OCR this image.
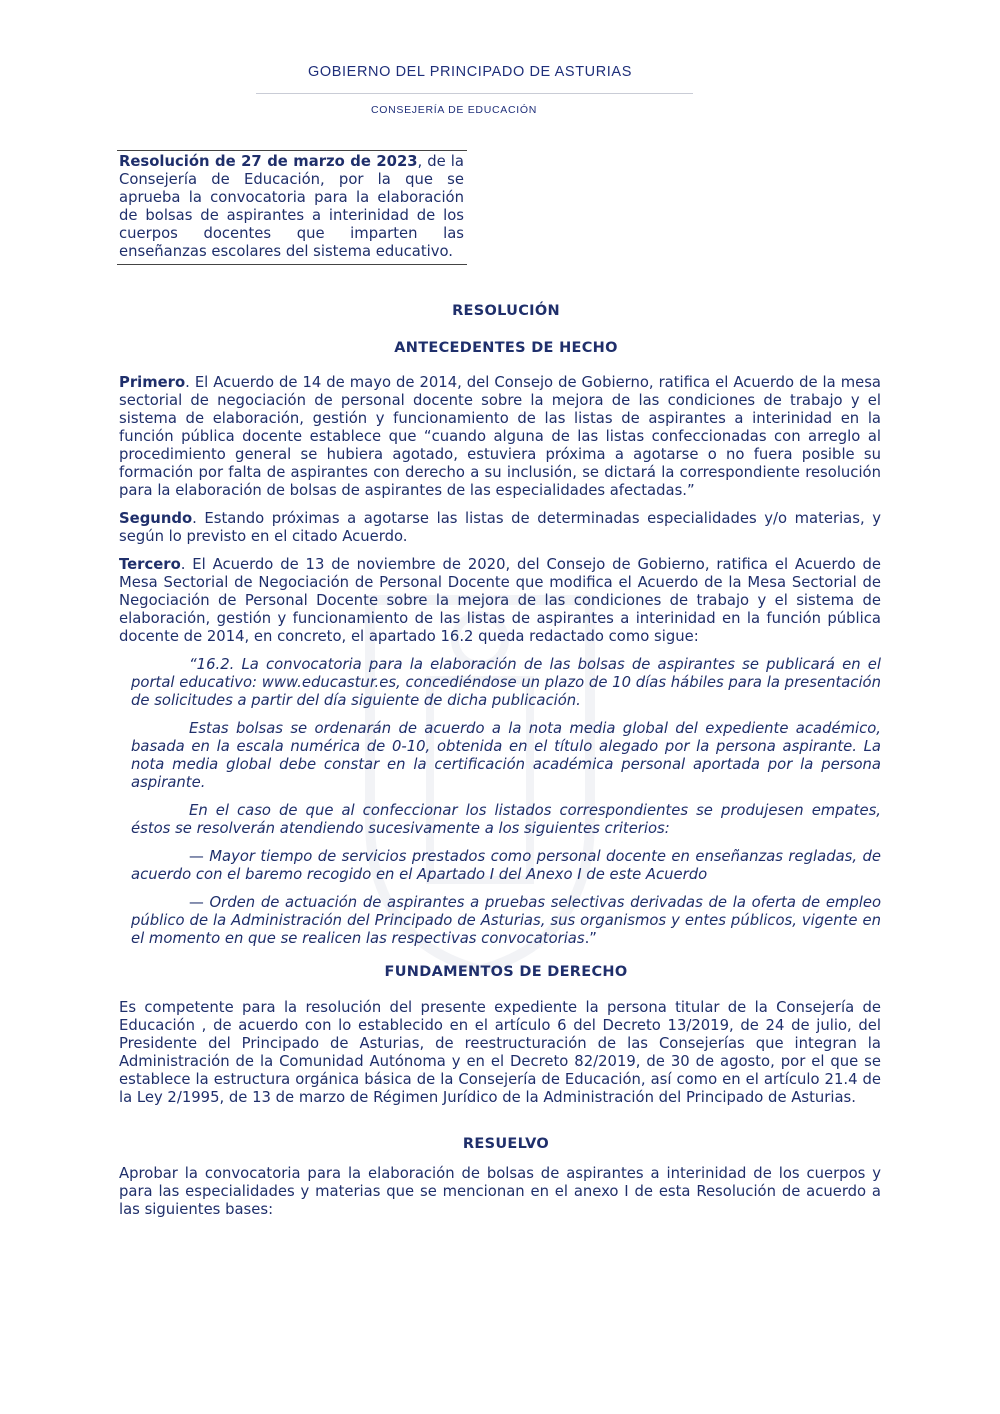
GOBIERNO DEL PRINCIPADO DE ASTURIAS
CONSEJERÍA DE EDUCACIÓN
Resolución de 27 de marzo de 2023, de la Consejería de Educación, por la que se aprueba la convocatoria para la elaboración de bolsas de aspirantes a interinidad de los cuerpos docentes que imparten las enseñanzas escolares del sistema educativo.
RESOLUCIÓN
ANTECEDENTES DE HECHO

Primero. El Acuerdo de 14 de mayo de 2014, del Consejo de Gobierno, ratifica el Acuerdo de la mesa sectorial de negociación de personal docente sobre la mejora de las condiciones de trabajo y el sistema de elaboración, gestión y funcionamiento de las listas de aspirantes a interinidad en la función pública docente establece que “cuando alguna de las listas confeccionadas con arreglo al procedimiento general se hubiera agotado, estuviera próxima a agotarse o no fuera posible su formación por falta de aspirantes con derecho a su inclusión, se dictará la correspondiente resolución para la elaboración de bolsas de aspirantes de las especialidades afectadas.”

Segundo. Estando próximas a agotarse las listas de determinadas especialidades y/o materias, y según lo previsto en el citado Acuerdo.

Tercero. El Acuerdo de 13 de noviembre de 2020, del Consejo de Gobierno, ratifica el Acuerdo de Mesa Sectorial de Negociación de Personal Docente que modifica el Acuerdo de la Mesa Sectorial de Negociación de Personal Docente sobre la mejora de las condiciones de trabajo y el sistema de elaboración, gestión y funcionamiento de las listas de aspirantes a interinidad en la función pública docente de 2014, en concreto, el apartado 16.2 queda redactado como sigue:

“16.2. La convocatoria para la elaboración de las bolsas de aspirantes se publicará en el portal educativo: www.educastur.es, concediéndose un plazo de 10 días hábiles para la presentación de solicitudes a partir del día siguiente de dicha publicación.

Estas bolsas se ordenarán de acuerdo a la nota media global del expediente académico, basada en la escala numérica de 0-10, obtenida en el título alegado por la persona aspirante. La nota media global debe constar en la certificación académica personal aportada por la persona aspirante.

En el caso de que al confeccionar los listados correspondientes se produjesen empates, éstos se resolverán atendiendo sucesivamente a los siguientes criterios:

— Mayor tiempo de servicios prestados como personal docente en enseñanzas regladas, de acuerdo con el baremo recogido en el Apartado I del Anexo I de este Acuerdo

— Orden de actuación de aspirantes a pruebas selectivas derivadas de la oferta de empleo público de la Administración del Principado de Asturias, sus organismos y entes públicos, vigente en el momento en que se realicen las respectivas convocatorias.”

FUNDAMENTOS DE DERECHO
Es competente para la resolución del presente expediente la persona titular de la Consejería de Educación , de acuerdo con lo establecido en el artículo 6 del Decreto 13/2019, de 24 de julio, del Presidente del Principado de Asturias, de reestructuración de las Consejerías que integran la Administración de la Comunidad Autónoma y en el Decreto 82/2019, de 30 de agosto, por el que se establece la estructura orgánica básica de la Consejería de Educación, así como en el artículo 21.4 de la Ley 2/1995, de 13 de marzo de Régimen Jurídico de la Administración del Principado de Asturias.
RESUELVO
Aprobar la convocatoria para la elaboración de bolsas de aspirantes a interinidad de los cuerpos y para las especialidades y materias que se mencionan en el anexo I de esta Resolución de acuerdo a las siguientes bases:
